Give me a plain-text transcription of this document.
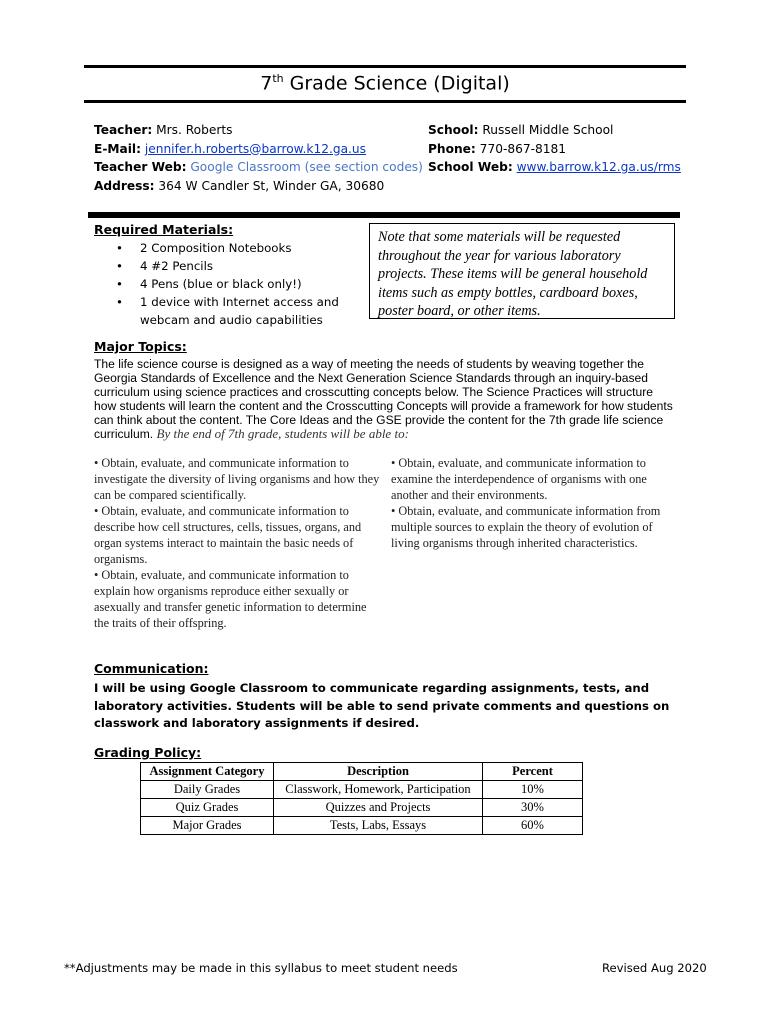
7th Grade Science (Digital)
Teacher: Mrs. Roberts
E-Mail: jennifer.h.roberts@barrow.k12.ga.us
Teacher Web: Google Classroom (see section codes)
Address: 364 W Candler St, Winder GA, 30680
School: Russell Middle School
Phone: 770-867-8181
School Web: www.barrow.k12.ga.us/rms
Required Materials:
• 2 Composition Notebooks
• 4 #2 Pencils
• 4 Pens (blue or black only!)
• 1 device with Internet access and webcam and audio capabilities
Note that some materials will be requested throughout the year for various laboratory projects. These items will be general household items such as empty bottles, cardboard boxes, poster board, or other items.
Major Topics:
The life science course is designed as a way of meeting the needs of students by weaving together the Georgia Standards of Excellence and the Next Generation Science Standards through an inquiry-based curriculum using science practices and crosscutting concepts below. The Science Practices will structure how students will learn the content and the Crosscutting Concepts will provide a framework for how students can think about the content. The Core Ideas and the GSE provide the content for the 7th grade life science curriculum. By the end of 7th grade, students will be able to:

• Obtain, evaluate, and communicate information to investigate the diversity of living organisms and how they can be compared scientifically.

• Obtain, evaluate, and communicate information to describe how cell structures, cells, tissues, organs, and organ systems interact to maintain the basic needs of organisms.

• Obtain, evaluate, and communicate information to explain how organisms reproduce either sexually or asexually and transfer genetic information to determine the traits of their offspring.

• Obtain, evaluate, and communicate information to examine the interdependence of organisms with one another and their environments.

• Obtain, evaluate, and communicate information from multiple sources to explain the theory of evolution of living organisms through inherited characteristics.

Communication:
I will be using Google Classroom to communicate regarding assignments, tests, and laboratory activities. Students will be able to send private comments and questions on classwork and laboratory assignments if desired.
Grading Policy:
Assignment Category	Description	Percent
Daily Grades	Classwork, Homework, Participation	10%
Quiz Grades	Quizzes and Projects	30%
Major Grades	Tests, Labs, Essays	60%
**Adjustments may be made in this syllabus to meet student needs	Revised Aug 2020
